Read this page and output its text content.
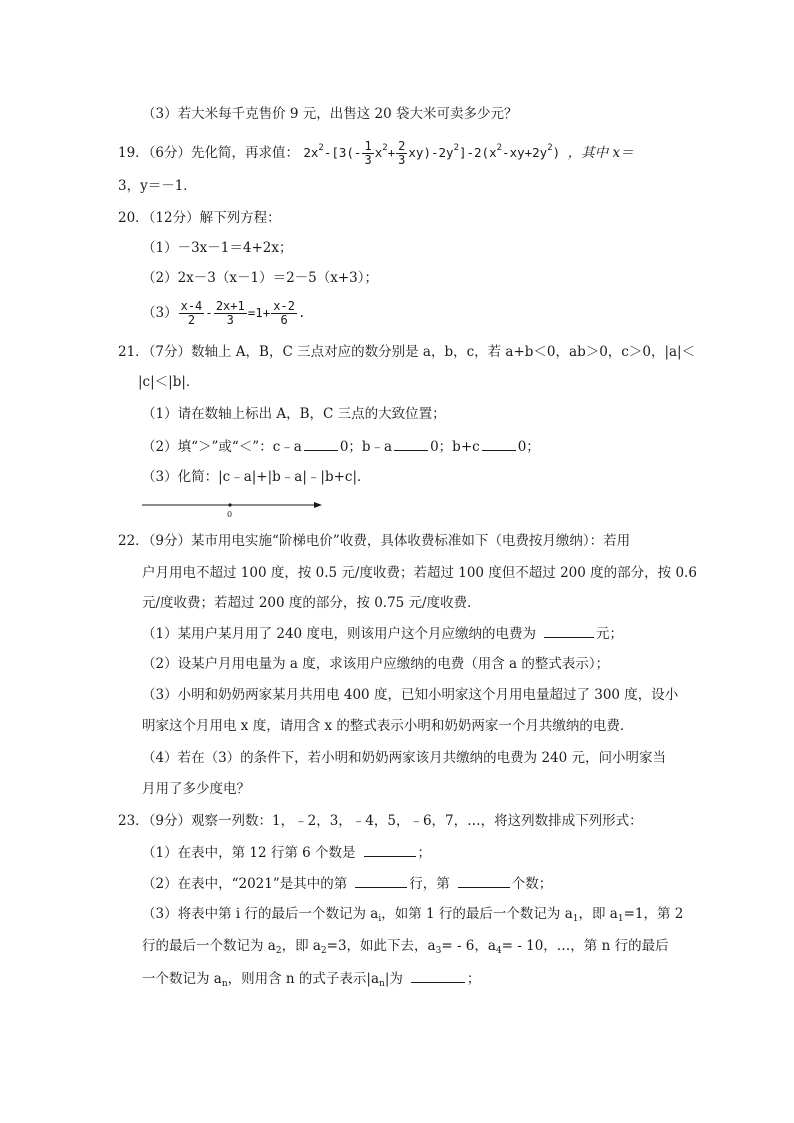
（3）若大米每千克售价 9 元，出售这 20 袋大米可卖多少元？
19．（6分）先化简，再求值： $2x^2-[3(- \frac{1}{3} x^2+ \frac{2}{3} xy)-2y^2]-2(x^2-xy+2y^2)$ ，其中 x＝
3，y＝－1．
20．（12分）解下列方程：
（1）－3x－1＝4+2x；
（2）2x－3（x－1）＝2－5（x+3）；
$(3) \frac{x-4}{2} - \frac{2x+1}{3} =1+ \frac{x-2}{6}$ .
21．（7分）数轴上 A，B，C 三点对应的数分别是 a，b，c，若 a+b＜0，ab＞0，c＞0，|a|＜
|c|＜|b|．
（1）请在数轴上标出 A，B，C 三点的大致位置；
（2）填“＞”或“＜”：c﹣a	0；b﹣a	0；b+c	0；
（3）化简：|c﹣a|+|b﹣a|﹣|b+c|．
0
22．（9分）某市用电实施“阶梯电价”收费，具体收费标准如下（电费按月缴纳）：若用
户月用电不超过 100 度，按 0.5 元/度收费；若超过 100 度但不超过 200 度的部分，按 0.6
元/度收费；若超过 200 度的部分，按 0.75 元/度收费．
（1）某用户某月用了 240 度电，则该用户这个月应缴纳的电费为	元；
（2）设某户月用电量为 a 度，求该用户应缴纳的电费（用含 a 的整式表示）；
（3）小明和奶奶两家某月共用电 400 度，已知小明家这个月用电量超过了 300 度，设小
明家这个月用电 x 度，请用含 x 的整式表示小明和奶奶两家一个月共缴纳的电费．
（4）若在（3）的条件下，若小明和奶奶两家该月共缴纳的电费为 240 元，问小明家当
月用了多少度电？
23．（9分）观察一列数：1，﹣2，3，﹣4，5，﹣6，7，…，将这列数排成下列形式：
（1）在表中，第 12 行第 6 个数是	；
（2）在表中，“2021”是其中的第	行，第	个数；
（3）将表中第 i 行的最后一个数记为 $a_i$，如第 1 行的最后一个数记为 $a_1$，即 $a_1=1$，第 2
行的最后一个数记为 $a_2$，即 $a_2=3$，如此下去，$a_3= - 6$，$a_4= - 10$，…，第 n 行的最后
一个数记为 $a_n$，则用含 n 的式子表示$|a_n|$为	；
